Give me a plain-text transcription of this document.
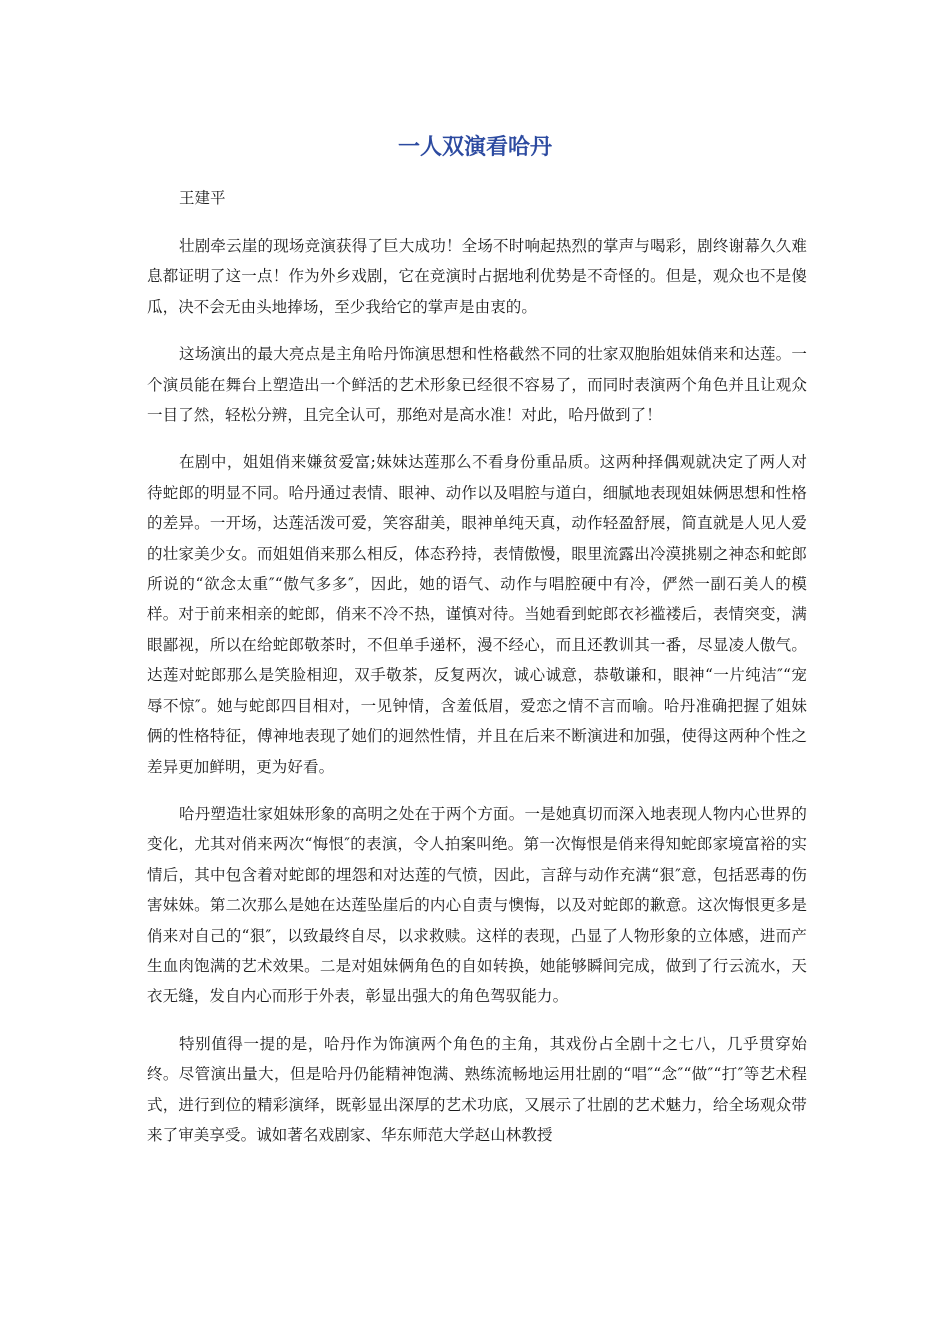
一人双演看哈丹

王建平

壮剧牵云崖的现场竞演获得了巨大成功！全场不时响起热烈的掌声与喝彩，剧终谢幕久久难息都证明了这一点！作为外乡戏剧，它在竞演时占据地利优势是不奇怪的。但是，观众也不是傻瓜，决不会无由头地捧场，至少我给它的掌声是由衷的。

这场演出的最大亮点是主角哈丹饰演思想和性格截然不同的壮家双胞胎姐妹俏来和达莲。一个演员能在舞台上塑造出一个鲜活的艺术形象已经很不容易了，而同时表演两个角色并且让观众一目了然，轻松分辨，且完全认可，那绝对是高水准！对此，哈丹做到了！

在剧中，姐姐俏来嫌贫爱富;妹妹达莲那么不看身份重品质。这两种择偶观就决定了两人对待蛇郎的明显不同。哈丹通过表情、眼神、动作以及唱腔与道白，细腻地表现姐妹俩思想和性格的差异。一开场，达莲活泼可爱，笑容甜美，眼神单纯天真，动作轻盈舒展，简直就是人见人爱的壮家美少女。而姐姐俏来那么相反，体态矜持，表情傲慢，眼里流露出冷漠挑剔之神态和蛇郎所说的“欲念太重″“傲气多多″，因此，她的语气、动作与唱腔硬中有冷，俨然一副石美人的模样。对于前来相亲的蛇郎，俏来不冷不热，谨慎对待。当她看到蛇郎衣衫褴褛后，表情突变，满眼鄙视，所以在给蛇郎敬茶时，不但单手递杯，漫不经心，而且还教训其一番，尽显凌人傲气。达莲对蛇郎那么是笑脸相迎，双手敬茶，反复两次，诚心诚意，恭敬谦和，眼神“一片纯洁″“宠辱不惊″。她与蛇郎四目相对，一见钟情，含羞低眉，爱恋之情不言而喻。哈丹准确把握了姐妹俩的性格特征，傅神地表现了她们的迥然性情，并且在后来不断演进和加强，使得这两种个性之差异更加鲜明，更为好看。

哈丹塑造壮家姐妹形象的高明之处在于两个方面。一是她真切而深入地表现人物内心世界的变化，尤其对俏来两次“悔恨″的表演，令人拍案叫绝。第一次悔恨是俏来得知蛇郎家境富裕的实情后，其中包含着对蛇郎的埋怨和对达莲的气愤，因此，言辞与动作充满“狠″意，包括恶毒的伤害妹妹。第二次那么是她在达莲坠崖后的内心自责与懊悔，以及对蛇郎的歉意。这次悔恨更多是俏来对自己的“狠″，以致最终自尽，以求救赎。这样的表现，凸显了人物形象的立体感，进而产生血肉饱满的艺术效果。二是对姐妹俩角色的自如转换，她能够瞬间完成，做到了行云流水，天衣无缝，发自内心而形于外表，彰显出强大的角色驾驭能力。

特别值得一提的是，哈丹作为饰演两个角色的主角，其戏份占全剧十之七八，几乎贯穿始终。尽管演出量大，但是哈丹仍能精神饱满、熟练流畅地运用壮剧的“唱″“念″“做″“打″等艺术程式，进行到位的精彩演绎，既彰显出深厚的艺术功底，又展示了壮剧的艺术魅力，给全场观众带来了审美享受。诚如著名戏剧家、华东师范大学赵山林教授
